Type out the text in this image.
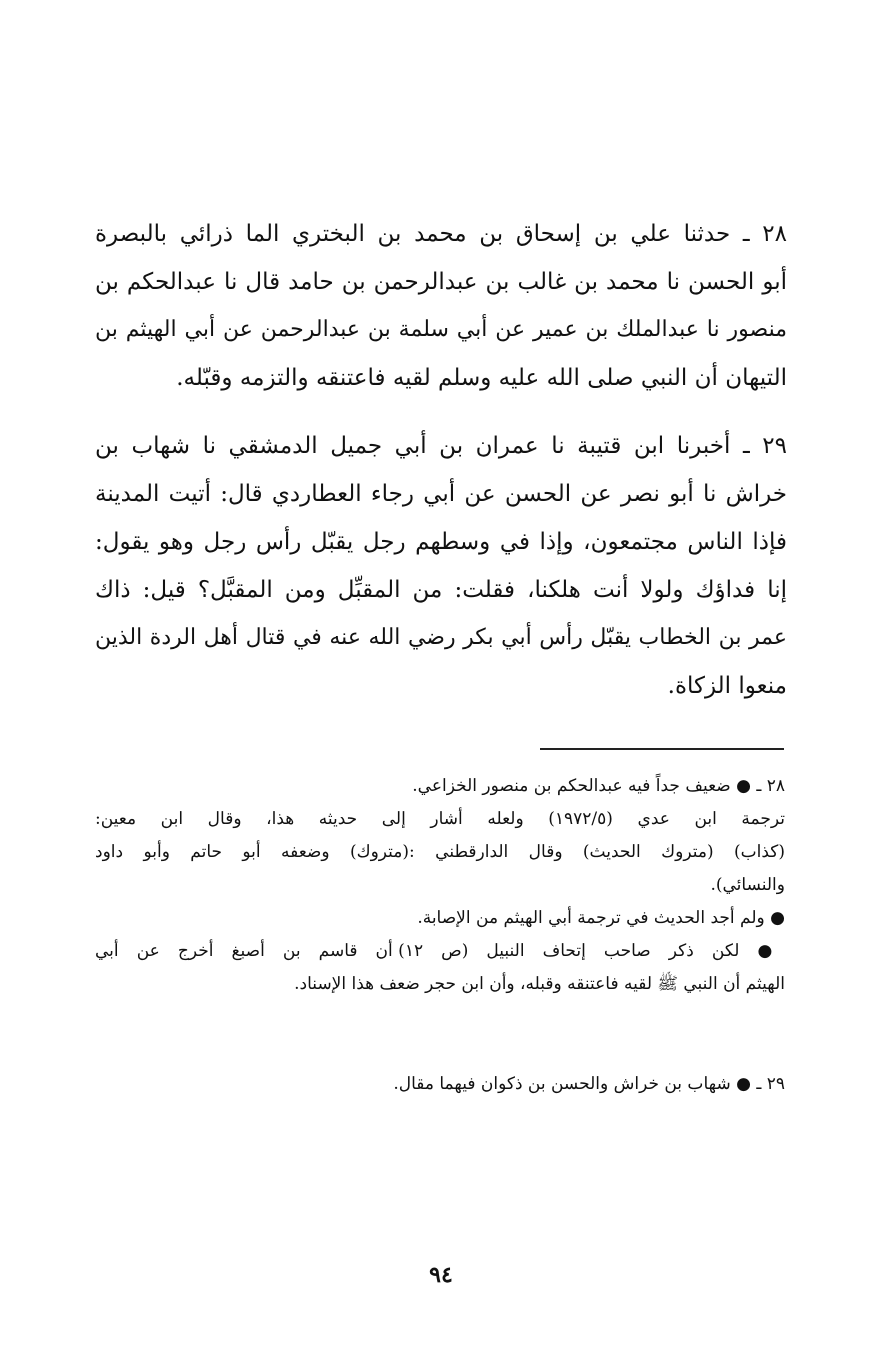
٢٨ ـ حدثنا علي بن إسحاق بن محمد بن البختري الما ذرائي بالبصرة
أبو الحسن نا محمد بن غالب بن عبدالرحمن بن حامد قال نا عبدالحكم بن
منصور نا عبدالملك بن عمير عن أبي سلمة بن عبدالرحمن عن أبي الهيثم بن
التيهان أن النبي صلى الله عليه وسلم لقيه فاعتنقه والتزمه وقبّله.
٢٩ ـ أخبرنا ابن قتيبة نا عمران بن أبي جميل الدمشقي نا شهاب بن
خراش نا أبو نصر عن الحسن عن أبي رجاء العطاردي قال: أتيت المدينة
فإذا الناس مجتمعون، وإذا في وسطهم رجل يقبّل رأس رجل وهو يقول:
إنا فداؤك ولولا أنت هلكنا، فقلت: من المقبِّل ومن المقبَّل؟ قيل: ذاك
عمر بن الخطاب يقبّل رأس أبي بكر رضي الله عنه في قتال أهل الردة الذين
منعوا الزكاة.
٢٨ ـ ● ضعيف جداً فيه عبدالحكم بن منصور الخزاعي.
ترجمة ابن عدي (١٩٧٢/٥) ولعله أشار إلى حديثه هذا، وقال ابن معين:
(كذاب) (متروك الحديث) وقال الدارقطني :(متروك) وضعفه أبو حاتم وأبو داود
والنسائي).
● ولم أجد الحديث في ترجمة أبي الهيثم من الإصابة.
● لكن ذكر صاحب إتحاف النبيل (ص ١٢) أن قاسم بن أصبغ أخرج عن أبي
الهيثم أن النبي ﷺ لقيه فاعتنقه وقبله، وأن ابن حجر ضعف هذا الإسناد.
٢٩ ـ ● شهاب بن خراش والحسن بن ذكوان فيهما مقال.
٩٤
